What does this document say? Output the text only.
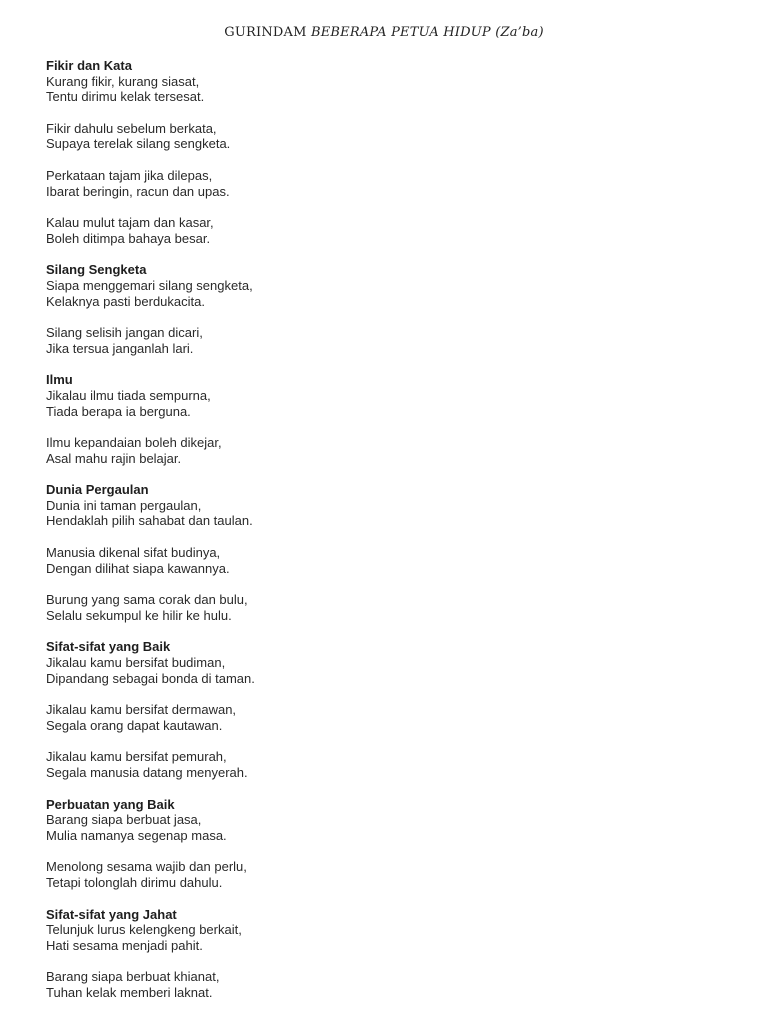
GURINDAM BEBERAPA PETUA HIDUP (Za’ba)
Fikir dan Kata
Kurang fikir, kurang siasat,
Tentu dirimu kelak tersesat.
Fikir dahulu sebelum berkata,
Supaya terelak silang sengketa.
Perkataan tajam jika dilepas,
Ibarat beringin, racun dan upas.
Kalau mulut tajam dan kasar,
Boleh ditimpa bahaya besar.
Silang Sengketa
Siapa menggemari silang sengketa,
Kelaknya pasti berdukacita.
Silang selisih jangan dicari,
Jika tersua janganlah lari.
Ilmu
Jikalau ilmu tiada sempurna,
Tiada berapa ia berguna.
Ilmu kepandaian boleh dikejar,
Asal mahu rajin belajar.
Dunia Pergaulan
Dunia ini taman pergaulan,
Hendaklah pilih sahabat dan taulan.
Manusia dikenal sifat budinya,
Dengan dilihat siapa kawannya.
Burung yang sama corak dan bulu,
Selalu sekumpul ke hilir ke hulu.
Sifat-sifat yang Baik
Jikalau kamu bersifat budiman,
Dipandang sebagai bonda di taman.
Jikalau kamu bersifat dermawan,
Segala orang dapat kautawan.
Jikalau kamu bersifat pemurah,
Segala manusia datang menyerah.
Perbuatan yang Baik
Barang siapa berbuat jasa,
Mulia namanya segenap masa.
Menolong sesama wajib dan perlu,
Tetapi tolonglah dirimu dahulu.
Sifat-sifat yang Jahat
Telunjuk lurus kelengkeng berkait,
Hati sesama menjadi pahit.
Barang siapa berbuat khianat,
Tuhan kelak memberi laknat.
